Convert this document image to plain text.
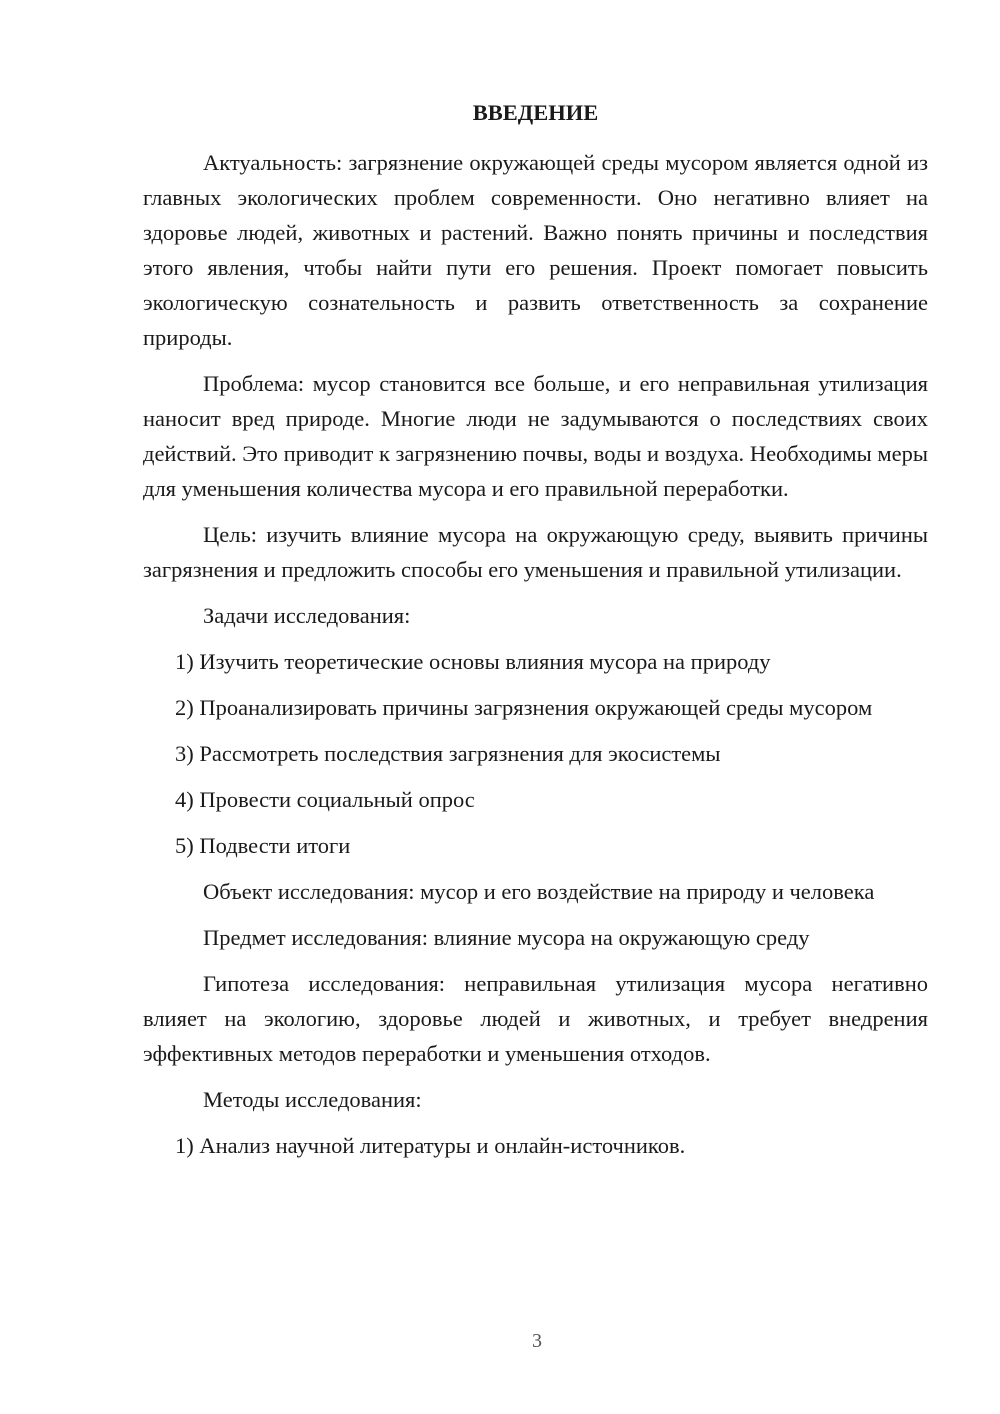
ВВЕДЕНИЕ

Актуальность: загрязнение окружающей среды мусором является одной из главных экологических проблем современности. Оно негативно влияет на здоровье людей, животных и растений. Важно понять причины и последствия этого явления, чтобы найти пути его решения. Проект помогает повысить экологическую сознательность и развить ответственность за сохранение природы.

Проблема: мусор становится все больше, и его неправильная утилизация наносит вред природе. Многие люди не задумываются о последствиях своих действий. Это приводит к загрязнению почвы, воды и воздуха. Необходимы меры для уменьшения количества мусора и его правильной переработки.

Цель: изучить влияние мусора на окружающую среду, выявить причины загрязнения и предложить способы его уменьшения и правильной утилизации.

Задачи исследования:

1) Изучить теоретические основы влияния мусора на природу

2) Проанализировать причины загрязнения окружающей среды мусором

3) Рассмотреть последствия загрязнения для экосистемы

4) Провести социальный опрос

5) Подвести итоги

Объект исследования: мусор и его воздействие на природу и человека

Предмет исследования: влияние мусора на окружающую среду

Гипотеза исследования: неправильная утилизация мусора негативно влияет на экологию, здоровье людей и животных, и требует внедрения эффективных методов переработки и уменьшения отходов.

Методы исследования:

1) Анализ научной литературы и онлайн-источников.

3
